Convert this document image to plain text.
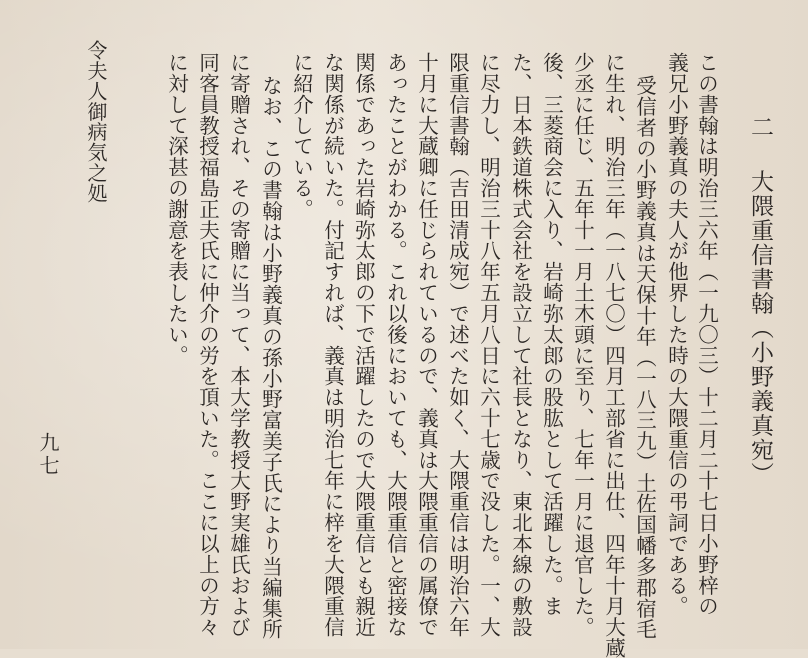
二大隈重信書翰（小野義真宛）
この書翰は明治三六年（一九〇三）十二月二十七日小野梓の
義兄小野義真の夫人が他界した時の大隈重信の弔詞である。
受信者の小野義真は天保十年（一八三九）土佐国幡多郡宿毛
に生れ、明治三年（一八七〇）四月工部省に出仕、四年十月大蔵
少丞に任じ、五年十一月土木頭に至り、七年一月に退官した。
後、三菱商会に入り、岩崎弥太郎の股肱として活躍した。ま
た、日本鉄道株式会社を設立して社長となり、東北本線の敷設
に尽力し、明治三十八年五月八日に六十七歳で没した。一、大
限重信書翰（吉田清成宛）で述べた如く、大隈重信は明治六年
十月に大蔵卿に任じられているので、義真は大隈重信の属僚で
あったことがわかる。これ以後においても、大隈重信と密接な
関係であった岩崎弥太郎の下で活躍したので大隈重信とも親近
な関係が続いた。付記すれば、義真は明治七年に梓を大隈重信
に紹介している。
なお、この書翰は小野義真の孫小野富美子氏により当編集所
に寄贈され、その寄贈に当って、本大学教授大野実雄氏および
同客員教授福島正夫氏に仲介の労を頂いた。ここに以上の方々
に対して深甚の謝意を表したい。
令夫人御病気之処
九七
